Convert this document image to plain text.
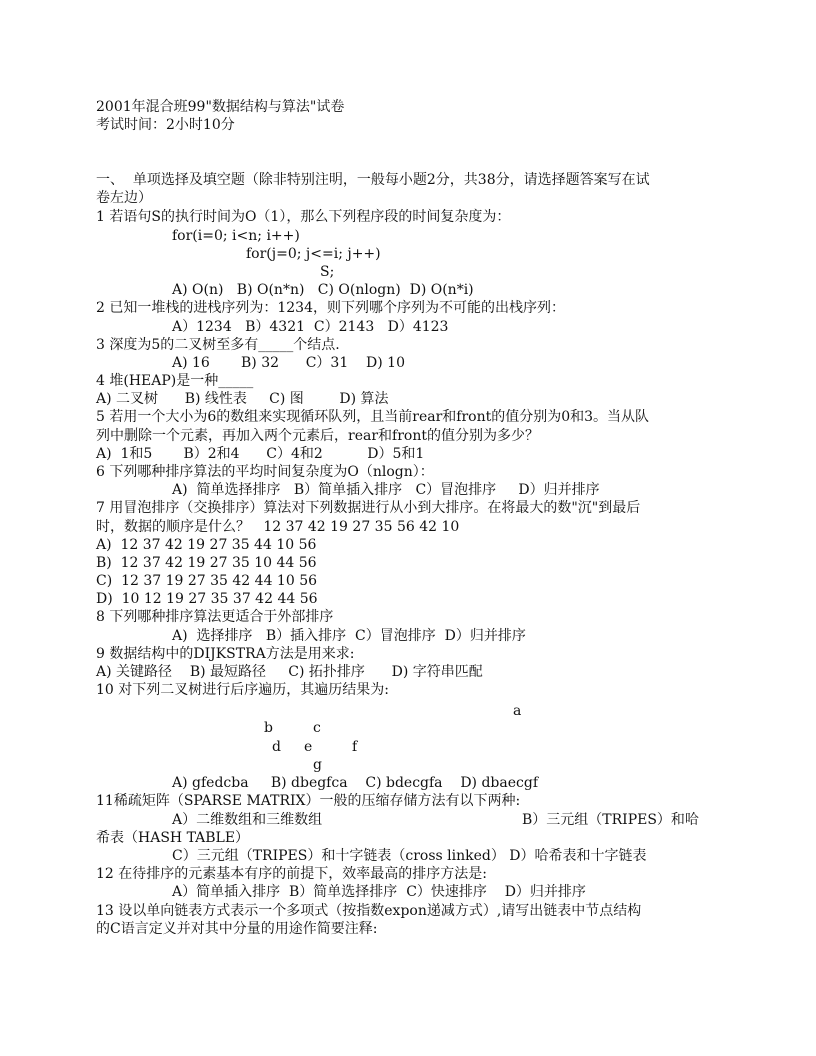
2001年混合班99"数据结构与算法"试卷
考试时间：2小时10分
一、  单项选择及填空题（除非特别注明，一般每小题2分，共38分，请选择题答案写在试
卷左边）
1 若语句S的执行时间为O（1），那么下列程序段的时间复杂度为：
for(i=0; i<n; i++)
for(j=0; j<=i; j++)
S;
A) O(n)   B) O(n*n)   C) O(nlogn)  D) O(n*i)
2 已知一堆栈的进栈序列为：1234，则下列哪个序列为不可能的出栈序列：
A）1234   B）4321  C）2143   D）4123
3 深度为5的二叉树至多有_____个结点.
A) 16       B) 32      C）31    D) 10
4 堆(HEAP)是一种_____
A) 二叉树      B) 线性表     C) 图        D) 算法
5 若用一个大小为6的数组来实现循环队列，且当前rear和front的值分别为0和3。当从队
列中删除一个元素，再加入两个元素后，rear和front的值分别为多少？
A)  1和5       B）2和4      C）4和2          D）5和1
6 下列哪种排序算法的平均时间复杂度为O（nlogn）：
A)  简单选择排序   B）简单插入排序   C）冒泡排序     D）归并排序
7 用冒泡排序（交换排序）算法对下列数据进行从小到大排序。在将最大的数"沉"到最后
时，数据的顺序是什么？   12 37 42 19 27 35 56 42 10
A)  12 37 42 19 27 35 44 10 56
B)  12 37 42 19 27 35 10 44 56
C)  12 37 19 27 35 42 44 10 56
D)  10 12 19 27 35 37 42 44 56
8 下列哪种排序算法更适合于外部排序
A)  选择排序   B）插入排序  C）冒泡排序  D）归并排序
9 数据结构中的DIJKSTRA方法是用来求:
A) 关键路径    B) 最短路径     C) 拓扑排序      D) 字符串匹配
10 对下列二叉树进行后序遍历，其遍历结果为:
a
b	c
d e	f
g
A) gfedcba     B) dbegfca    C) bdecgfa    D) dbaecgf
11稀疏矩阵（SPARSE MATRIX）一般的压缩存储方法有以下两种:
A）二维数组和三维数组	B）三元组（TRIPES）和哈
希表（HASH TABLE）
C）三元组（TRIPES）和十字链表（cross linked） D）哈希表和十字链表
12 在待排序的元素基本有序的前提下，效率最高的排序方法是:
A）简单插入排序  B）简单选择排序  C）快速排序    D）归并排序
13 设以单向链表方式表示一个多项式（按指数expon递减方式）,请写出链表中节点结构
的C语言定义并对其中分量的用途作简要注释:
